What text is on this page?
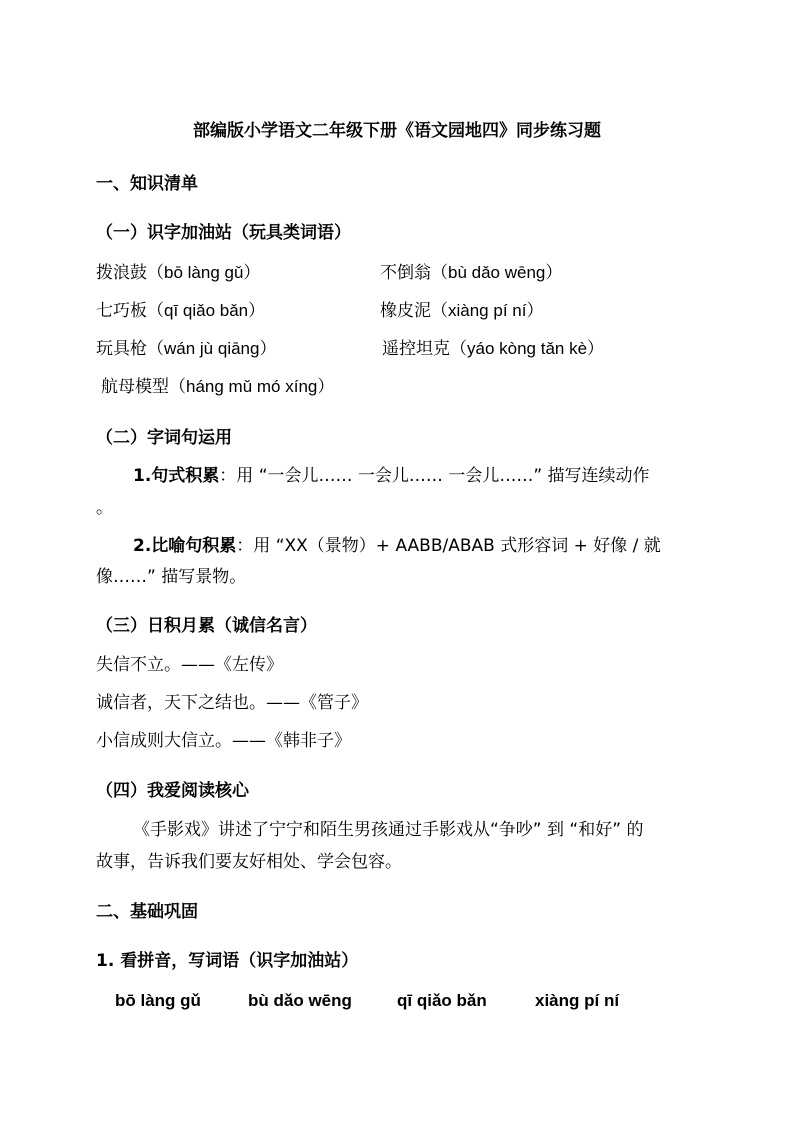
部编版小学语文二年级下册《语文园地四》同步练习题
一、知识清单
（一）识字加油站（玩具类词语）
拨浪鼓（bō làng gǔ）	不倒翁（bù dǎo wēng）
七巧板（qī qiǎo bǎn）	橡皮泥（xiàng pí ní）
玩具枪（wán jù qiāng）	遥控坦克（yáo kòng tǎn kè）
航母模型（háng mǔ mó xíng）
（二）字词句运用
1.句式积累：用 “一会儿…… 一会儿…… 一会儿……” 描写连续动作
。
2.比喻句积累：用 “XX（景物）+ AABB/ABAB 式形容词 + 好像 / 就
像……” 描写景物。
（三）日积月累（诚信名言）
失信不立。——《左传》
诚信者，天下之结也。——《管子》
小信成则大信立。——《韩非子》
（四）我爱阅读核心
《手影戏》讲述了宁宁和陌生男孩通过手影戏从“争吵” 到 “和好” 的
故事，告诉我们要友好相处、学会包容。
二、基础巩固
1. 看拼音，写词语（识字加油站）
bō làng gǔ	bù dǎo wēng	qī qiǎo bǎn	xiàng pí ní
